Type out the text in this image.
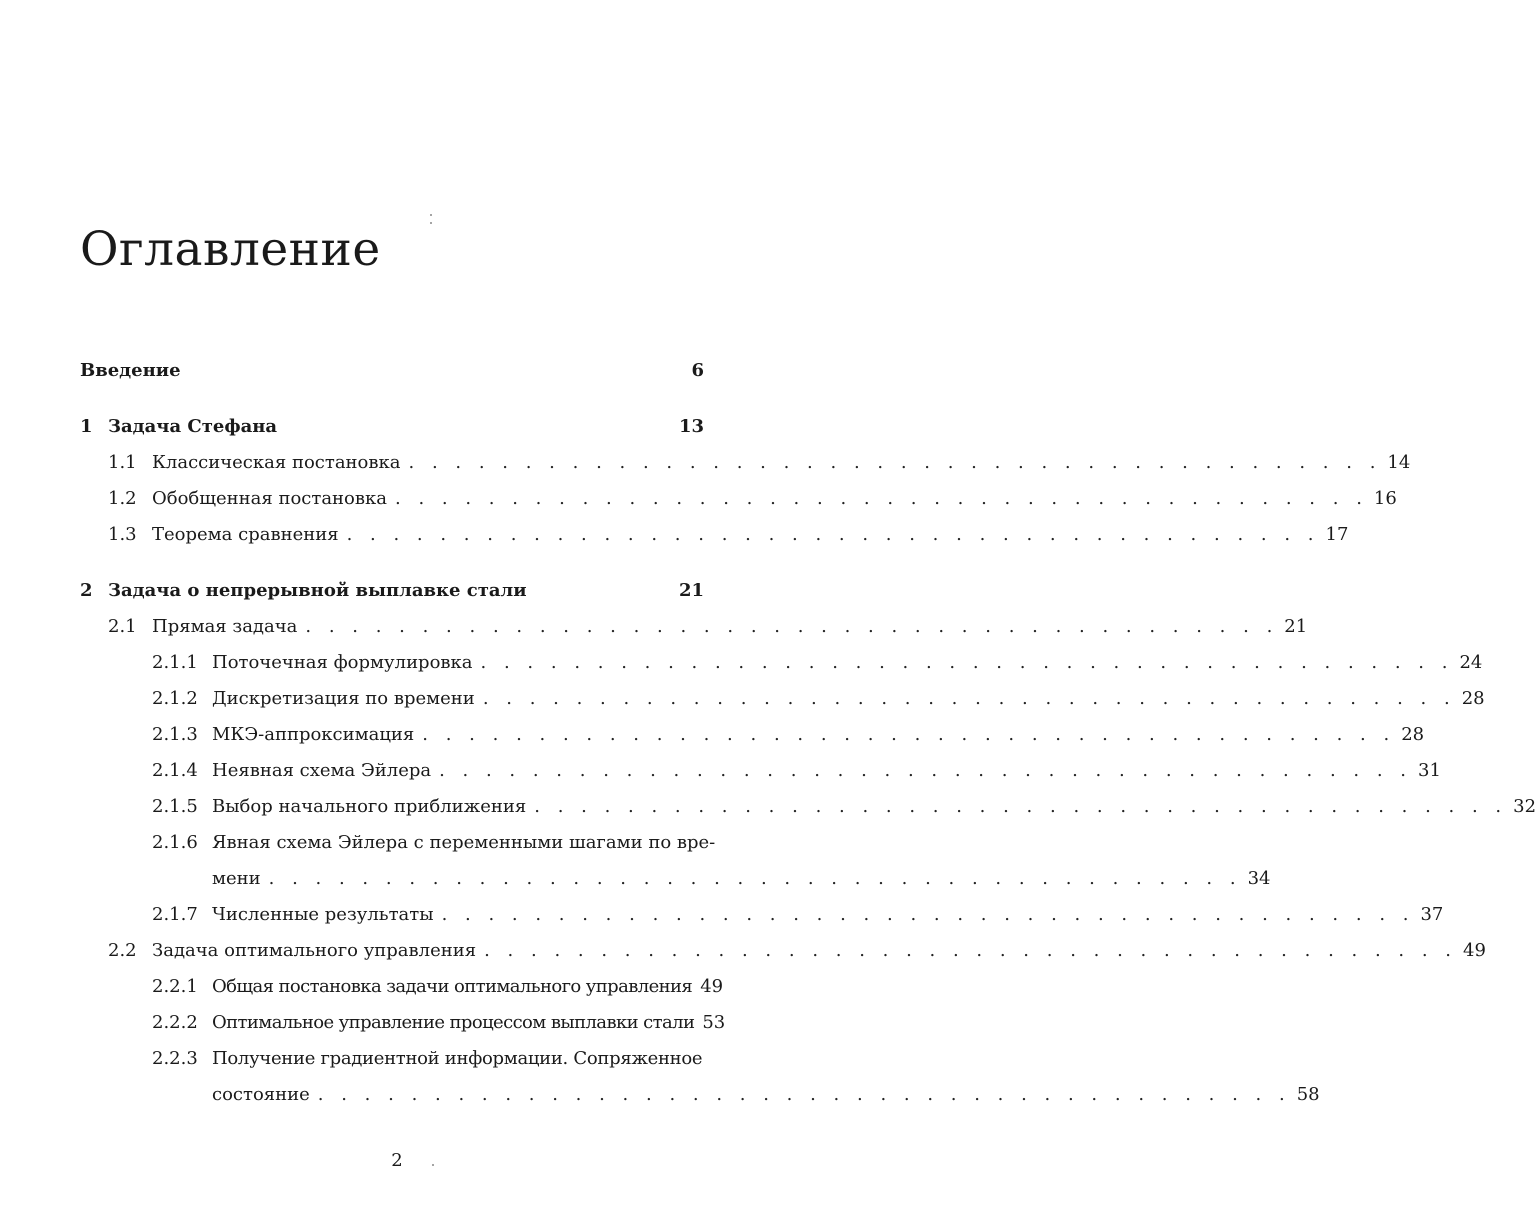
Оглавление
Введение	6
1 Задача Стефана	13
1.1 Классическая постановка . . . . . . . . . . . . . . . . . . . . . . . . . . . . . . . . . . . . . . . . . . 14
1.2 Обобщенная постановка . . . . . . . . . . . . . . . . . . . . . . . . . . . . . . . . . . . . . . . . . . 16
1.3 Теорема сравнения . . . . . . . . . . . . . . . . . . . . . . . . . . . . . . . . . . . . . . . . . . 17
2 Задача о непрерывной выплавке стали	21
2.1 Прямая задача . . . . . . . . . . . . . . . . . . . . . . . . . . . . . . . . . . . . . . . . . . 21
2.1.1 Поточечная формулировка . . . . . . . . . . . . . . . . . . . . . . . . . . . . . . . . . . . . . . . . . . 24
2.1.2 Дискретизация по времени . . . . . . . . . . . . . . . . . . . . . . . . . . . . . . . . . . . . . . . . . . 28
2.1.3 МКЭ-аппроксимация . . . . . . . . . . . . . . . . . . . . . . . . . . . . . . . . . . . . . . . . . . 28
2.1.4 Неявная схема Эйлера . . . . . . . . . . . . . . . . . . . . . . . . . . . . . . . . . . . . . . . . . . 31
2.1.5 Выбор начального приближения . . . . . . . . . . . . . . . . . . . . . . . . . . . . . . . . . . . . . . . . . . 32
2.1.6 Явная схема Эйлера с переменными шагами по вре-
мени . . . . . . . . . . . . . . . . . . . . . . . . . . . . . . . . . . . . . . . . . . 34
2.1.7 Численные результаты . . . . . . . . . . . . . . . . . . . . . . . . . . . . . . . . . . . . . . . . . . 37
2.2 Задача оптимального управления . . . . . . . . . . . . . . . . . . . . . . . . . . . . . . . . . . . . . . . . . . 49
2.2.1 Общая постановка задачи оптимального управления 49
2.2.2 Оптимальное управление процессом выплавки стали 53
2.2.3 Получение градиентной информации. Сопряженное
состояние . . . . . . . . . . . . . . . . . . . . . . . . . . . . . . . . . . . . . . . . . . 58
2
